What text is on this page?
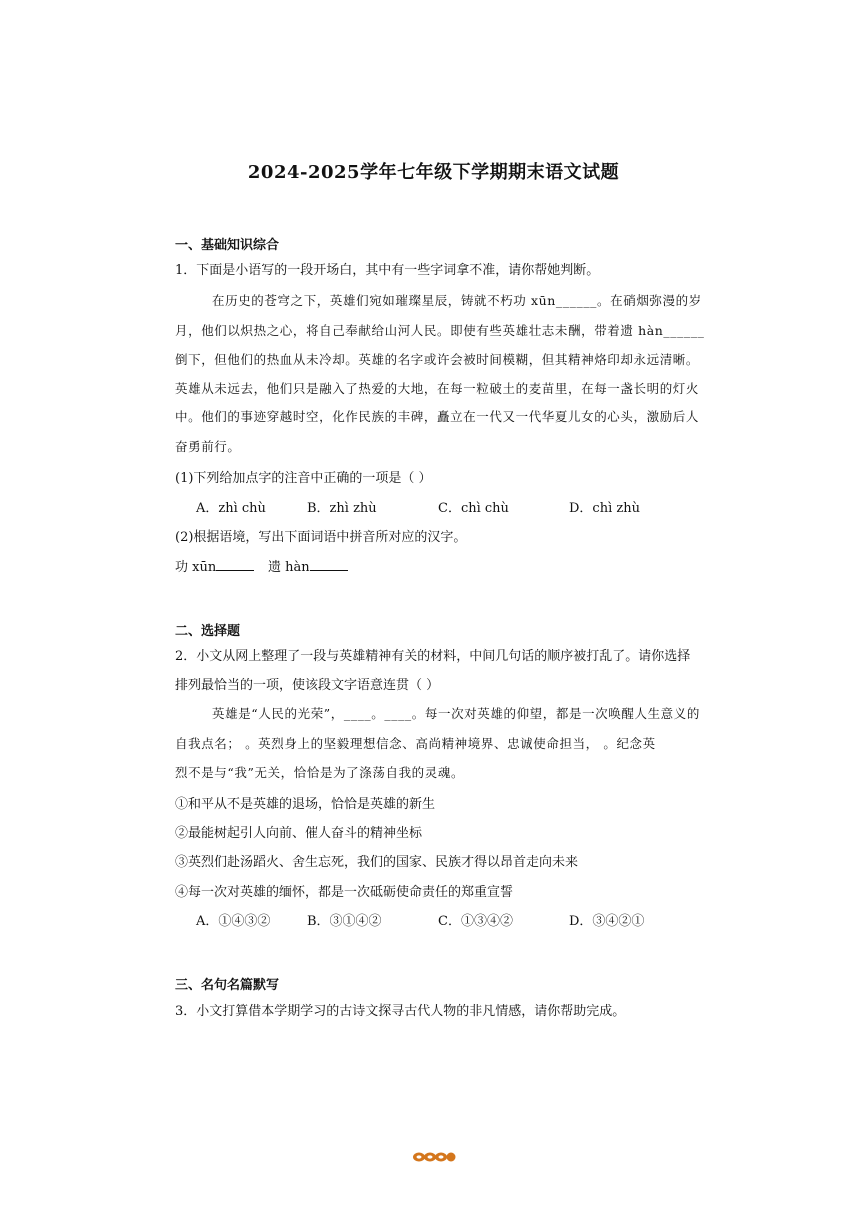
2024-2025学年七年级下学期期末语文试题
一、基础知识综合
1．下面是小语写的一段开场白，其中有一些字词拿不准，请你帮她判断。
在历史的苍穹之下，英雄们宛如璀璨星辰，铸就不朽功 xūn______。在硝烟弥漫的岁
月，他们以炽热之心，将自己奉献给山河人民。即使有些英雄壮志未酬，带着遗 hàn______
倒下，但他们的热血从未冷却。英雄的名字或许会被时间模糊，但其精神烙印却永远清晰。
英雄从未远去，他们只是融入了热爱的大地，在每一粒破土的麦苗里，在每一盏长明的灯火
中。他们的事迹穿越时空，化作民族的丰碑，矗立在一代又一代华夏儿女的心头，激励后人
奋勇前行。
(1)下列给加点字的注音中正确的一项是（ ）
A．zhì chù	B．zhì zhù	C．chì chù	D．chì zhù
(2)根据语境，写出下面词语中拼音所对应的汉字。
功 xūn	遗 hàn
二、选择题
2．小文从网上整理了一段与英雄精神有关的材料，中间几句话的顺序被打乱了。请你选择
排列最恰当的一项，使该段文字语意连贯（ ）
英雄是“人民的光荣”，____。____。每一次对英雄的仰望，都是一次唤醒人生意义的
自我点名； 。英烈身上的坚毅理想信念、高尚精神境界、忠诚使命担当， 。纪念英
烈不是与“我”无关，恰恰是为了涤荡自我的灵魂。
①和平从不是英雄的退场，恰恰是英雄的新生
②最能树起引人向前、催人奋斗的精神坐标
③英烈们赴汤蹈火、舍生忘死，我们的国家、民族才得以昂首走向未来
④每一次对英雄的缅怀，都是一次砥砺使命责任的郑重宣誓
A．①④③②	B．③①④②	C．①③④②	D．③④②①
三、名句名篇默写
3．小文打算借本学期学习的古诗文探寻古代人物的非凡情感，请你帮助完成。
